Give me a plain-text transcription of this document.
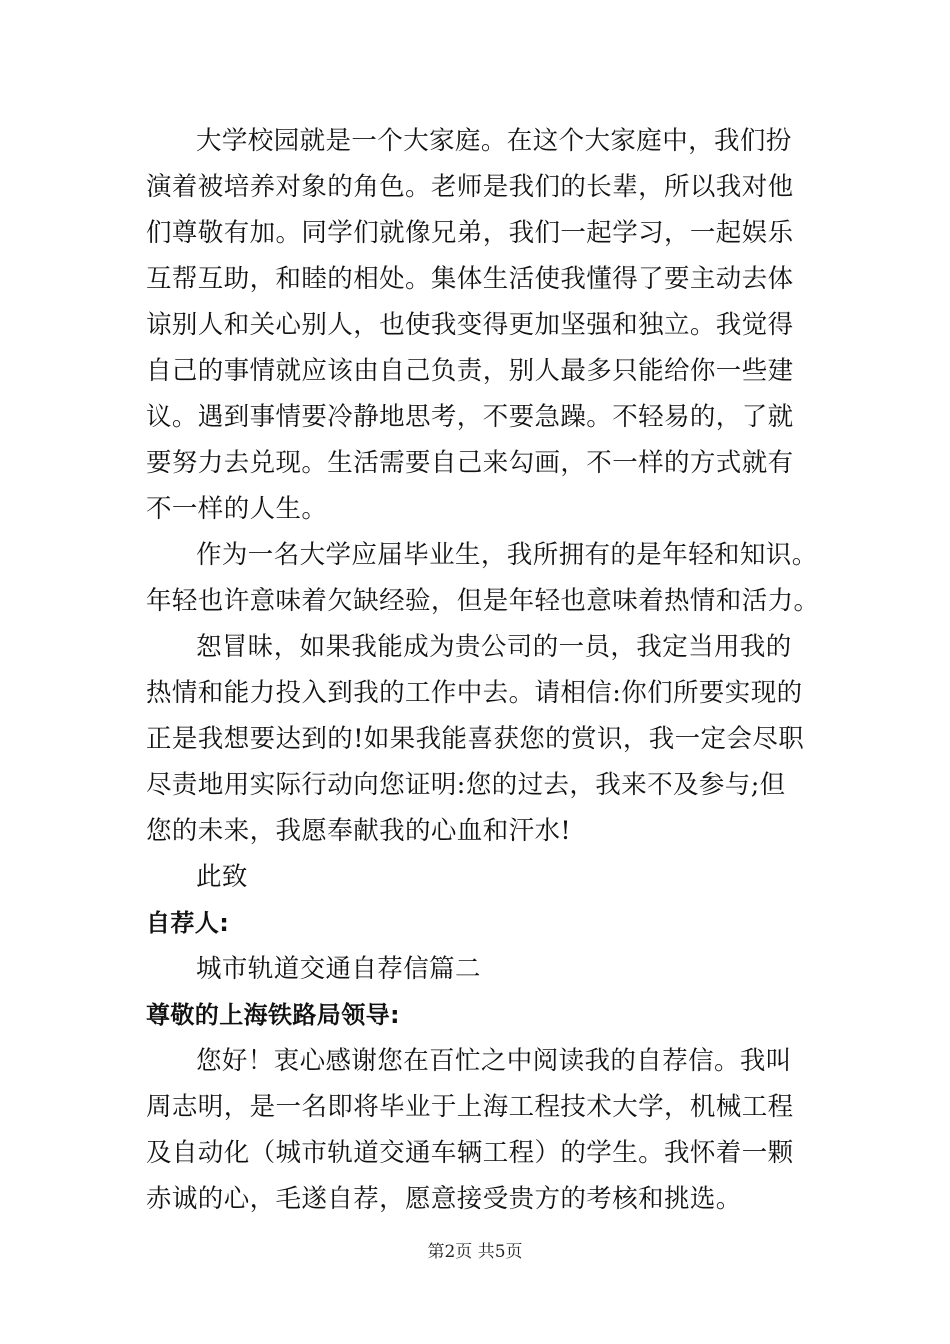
大学校园就是一个大家庭。在这个大家庭中，我们扮
演着被培养对象的角色。老师是我们的长辈，所以我对他
们尊敬有加。同学们就像兄弟，我们一起学习，一起娱乐
互帮互助，和睦的相处。集体生活使我懂得了要主动去体
谅别人和关心别人，也使我变得更加坚强和独立。我觉得
自己的事情就应该由自己负责，别人最多只能给你一些建
议。遇到事情要冷静地思考，不要急躁。不轻易的，了就
要努力去兑现。生活需要自己来勾画，不一样的方式就有
不一样的人生。
作为一名大学应届毕业生，我所拥有的是年轻和知识。
年轻也许意味着欠缺经验，但是年轻也意味着热情和活力。
恕冒昧，如果我能成为贵公司的一员，我定当用我的
热情和能力投入到我的工作中去。请相信:你们所要实现的
正是我想要达到的!如果我能喜获您的赏识，我一定会尽职
尽责地用实际行动向您证明:您的过去，我来不及参与;但
您的未来，我愿奉献我的心血和汗水!
此致
自荐人:
城市轨道交通自荐信篇二
尊敬的上海铁路局领导:
您好！衷心感谢您在百忙之中阅读我的自荐信。我叫
周志明，是一名即将毕业于上海工程技术大学，机械工程
及自动化（城市轨道交通车辆工程）的学生。我怀着一颗
赤诚的心，毛遂自荐，愿意接受贵方的考核和挑选。
第2页 共5页
